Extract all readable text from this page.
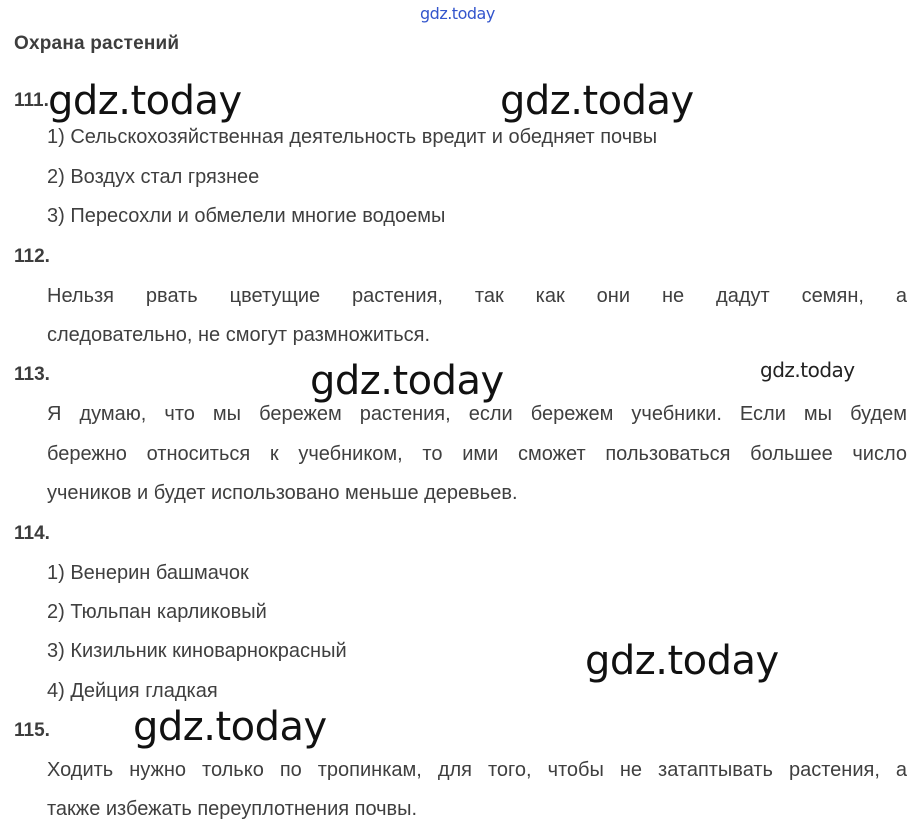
gdz.today
Охрана растений
111.
1) Сельскохозяйственная деятельность вредит и обедняет почвы
2) Воздух стал грязнее
3) Пересохли и обмелели многие водоемы
112.
Нельзя рвать цветущие растения, так как они не дадут семян, а
следовательно, не смогут размножиться.
113.
Я думаю, что мы бережем растения, если бережем учебники. Если мы будем
бережно относиться к учебником, то ими сможет пользоваться большее число
учеников и будет использовано меньше деревьев.
114.
1) Венерин башмачок
2) Тюльпан карликовый
3) Кизильник киноварнокрасный
4) Дейция гладкая
115.
Ходить нужно только по тропинкам, для того, чтобы не затаптывать растения, а
также избежать переуплотнения почвы.
gdz.today	gdz.today
gdz.today	gdz.today
gdz.today
gdz.today
